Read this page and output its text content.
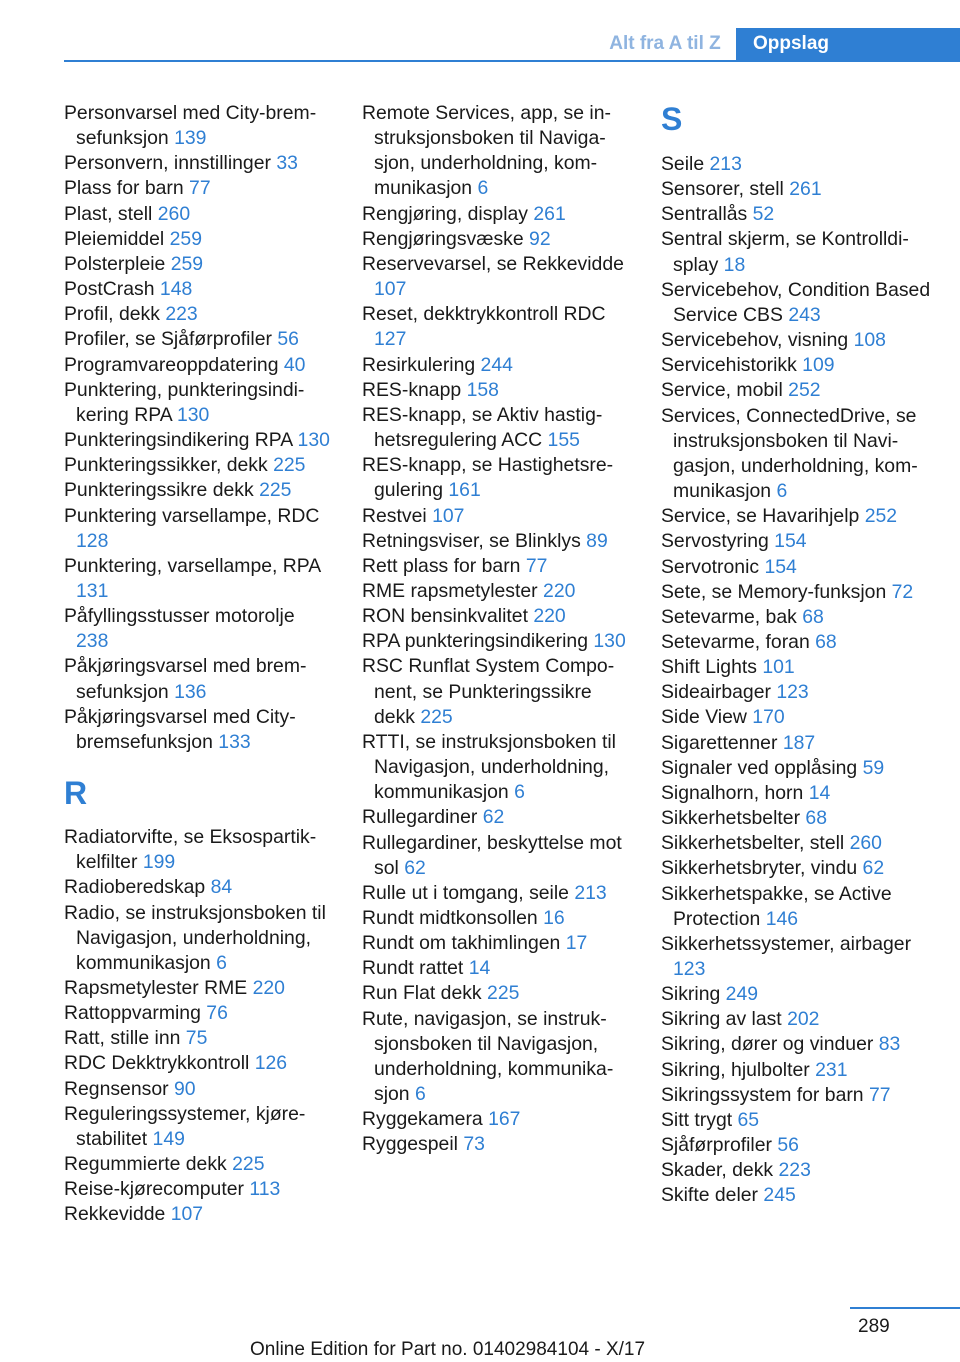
Alt fra A til Z	Oppslag
Personvarsel med City-bremsefunksjon 139
Personvern, innstillinger 33
Plass for barn 77
Plast, stell 260
Pleiemiddel 259
Polsterpleie 259
PostCrash 148
Profil, dekk 223
Profiler, se Sjåførprofiler 56
Programvareoppdatering 40
Punktering, punkteringsindikering RPA 130
Punkteringsindikering RPA 130
Punkteringssikker, dekk 225
Punkteringssikre dekk 225
Punktering varsellampe, RDC 128
Punktering, varsellampe, RPA 131
Påfyllingsstusser motorolje 238
Påkjøringsvarsel med bremsefunksjon 136
Påkjøringsvarsel med City-bremsefunksjon 133
R
Radiatorvifte, se Eksospartikkelfilter 199
Radioberedskap 84
Radio, se instruksjonsboken til Navigasjon, underholdning, kommunikasjon 6
Rapsmetylester RME 220
Rattoppvarming 76
Ratt, stille inn 75
RDC Dekktrykkontroll 126
Regnsensor 90
Reguleringssystemer, kjørestabilitet 149
Regummierte dekk 225
Reise-kjørecomputer 113
Rekkevidde 107
Remote Services, app, se instruksjonsboken til Navigasjon, underholdning, kommunikasjon 6
Rengjøring, display 261
Rengjøringsvæske 92
Reservevarsel, se Rekkevidde 107
Reset, dekktrykkontroll RDC 127
Resirkulering 244
RES-knapp 158
RES-knapp, se Aktiv hastighetsregulering ACC 155
RES-knapp, se Hastighetsregulering 161
Restvei 107
Retningsviser, se Blinklys 89
Rett plass for barn 77
RME rapsmetylester 220
RON bensinkvalitet 220
RPA punkteringsindikering 130
RSC Runflat System Component, se Punkteringssikre dekk 225
RTTI, se instruksjonsboken til Navigasjon, underholdning, kommunikasjon 6
Rullegardiner 62
Rullegardiner, beskyttelse mot sol 62
Rulle ut i tomgang, seile 213
Rundt midtkonsollen 16
Rundt om takhimlingen 17
Rundt rattet 14
Run Flat dekk 225
Rute, navigasjon, se instruksjonsboken til Navigasjon, underholdning, kommunikasjon 6
Ryggekamera 167
Ryggespeil 73
S
Seile 213
Sensorer, stell 261
Sentrallås 52
Sentral skjerm, se Kontrolldisplay 18
Servicebehov, Condition Based Service CBS 243
Servicebehov, visning 108
Servicehistorikk 109
Service, mobil 252
Services, ConnectedDrive, se instruksjonsboken til Navigasjon, underholdning, kommunikasjon 6
Service, se Havarihjelp 252
Servostyring 154
Servotronic 154
Sete, se Memory-funksjon 72
Setevarme, bak 68
Setevarme, foran 68
Shift Lights 101
Sideairbager 123
Side View 170
Sigarettenner 187
Signaler ved opplåsing 59
Signalhorn, horn 14
Sikkerhetsbelter 68
Sikkerhetsbelter, stell 260
Sikkerhetsbryter, vindu 62
Sikkerhetspakke, se Active Protection 146
Sikkerhetssystemer, airbager 123
Sikring 249
Sikring av last 202
Sikring, dører og vinduer 83
Sikring, hjulbolter 231
Sikringssystem for barn 77
Sitt trygt 65
Sjåførprofiler 56
Skader, dekk 223
Skifte deler 245
289
Online Edition for Part no. 01402984104 - X/17
